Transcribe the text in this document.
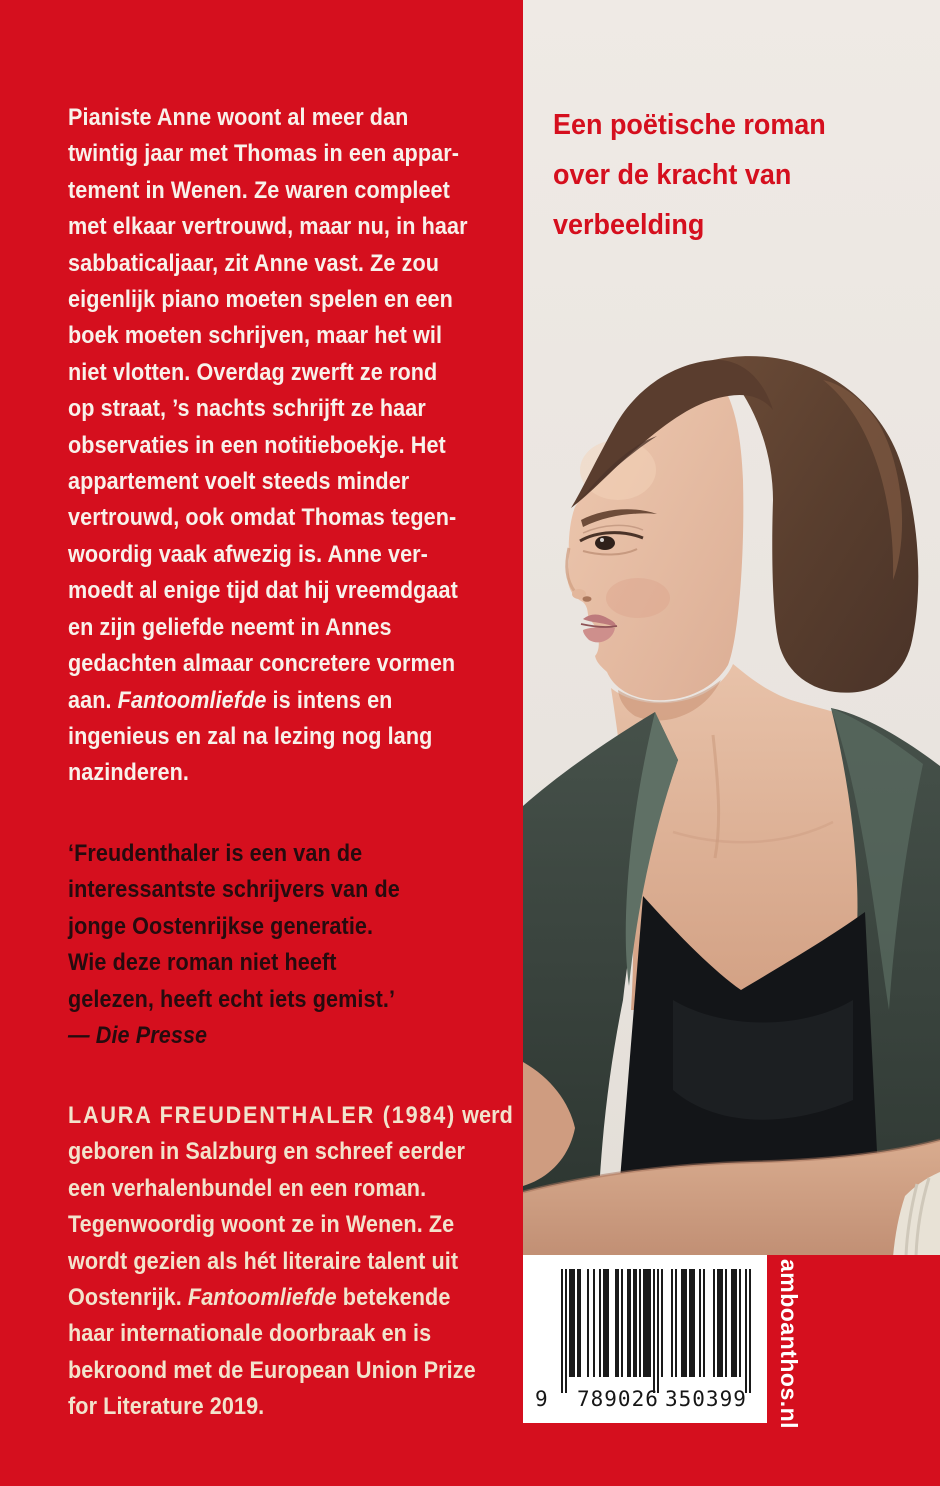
Pianiste Anne woont al meer dan
twintig jaar met Thomas in een appar-
tement in Wenen. Ze waren compleet
met elkaar vertrouwd, maar nu, in haar
sabbaticaljaar, zit Anne vast. Ze zou
eigenlijk piano moeten spelen en een
boek moeten schrijven, maar het wil
niet vlotten. Overdag zwerft ze rond
op straat, ’s nachts schrijft ze haar
observaties in een notitieboekje. Het
appartement voelt steeds minder
vertrouwd, ook omdat Thomas tegen-
woordig vaak afwezig is. Anne ver-
moedt al enige tijd dat hij vreemdgaat
en zijn geliefde neemt in Annes
gedachten almaar concretere vormen
aan. Fantoomliefde is intens en
ingenieus en zal na lezing nog lang
nazinderen.
‘Freudenthaler is een van de
interessantste schrijvers van de
jonge Oostenrijkse generatie.
Wie deze roman niet heeft
gelezen, heeft echt iets gemist.’
— Die Presse
LAURA FREUDENTHALER (1984) werd
geboren in Salzburg en schreef eerder
een verhalenbundel en een roman.
Tegenwoordig woont ze in Wenen. Ze
wordt gezien als hét literaire talent uit
Oostenrijk. Fantoomliefde betekende
haar internationale doorbraak en is
bekroond met de European Union Prize
for Literature 2019.
Een poëtische roman
over de kracht van
verbeelding
9 789026 350399 amboanthos.nl
